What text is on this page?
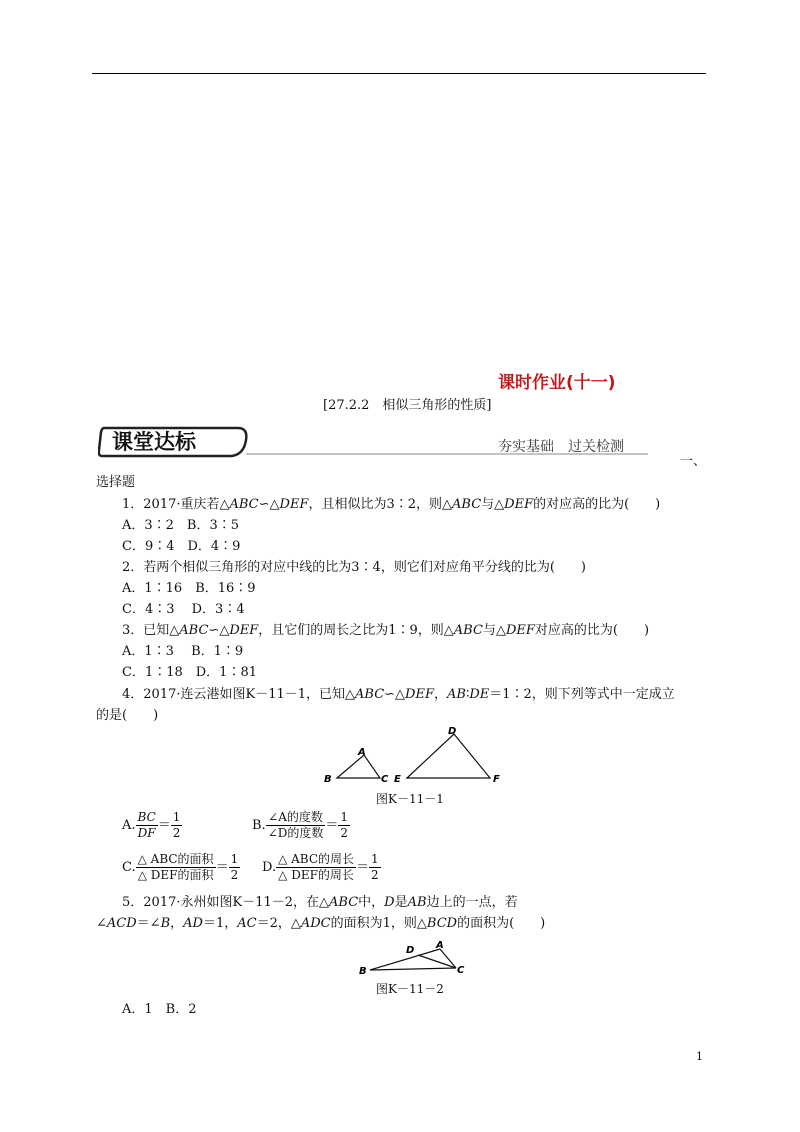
课时作业(十一)
[27.2.2　相似三角形的性质]
课堂达标	夯实基础　过关检测
一、
选择题
1．2017·重庆若△ABC∽△DEF，且相似比为3∶2，则△ABC与△DEF的对应高的比为(　　)
A．3∶2　B．3∶5
C．9∶4　D．4∶9
2．若两个相似三角形的对应中线的比为3∶4，则它们对应角平分线的比为(　　)
A．1∶16　B．16∶9
C．4∶3　 D．3∶4
3．已知△ABC∽△DEF，且它们的周长之比为1∶9，则△ABC与△DEF对应高的比为(　　)
A．1∶3　 B．1∶9
C．1∶18　D．1∶81
4．2017·连云港如图K－11－1，已知△ABC∽△DEF，AB∶DE＝1∶2，则下列等式中一定成立
的是(　　)
A
B	C
D
E	F
图K－11－1
A. $\frac{BC}{DF} = \frac{1}{2}$	B. $\frac{\text{∠A的度数}}{\text{∠D的度数}} = \frac{1}{2}$
C. $\frac{\text{△ ABC的面积}}{\text{△ DEF的面积}} = \frac{1}{2} D$. $\frac{\text{△ ABC的周长}}{\text{△ DEF的周长}} = \frac{1}{2}$
5．2017·永州如图K－11－2，在△ABC中，D是AB边上的一点，若
∠ACD＝∠B，AD＝1，AC＝2，△ADC的面积为1，则△BCD的面积为(　　)
B
D A
C
图K－11－2
A．1　B．2
1
